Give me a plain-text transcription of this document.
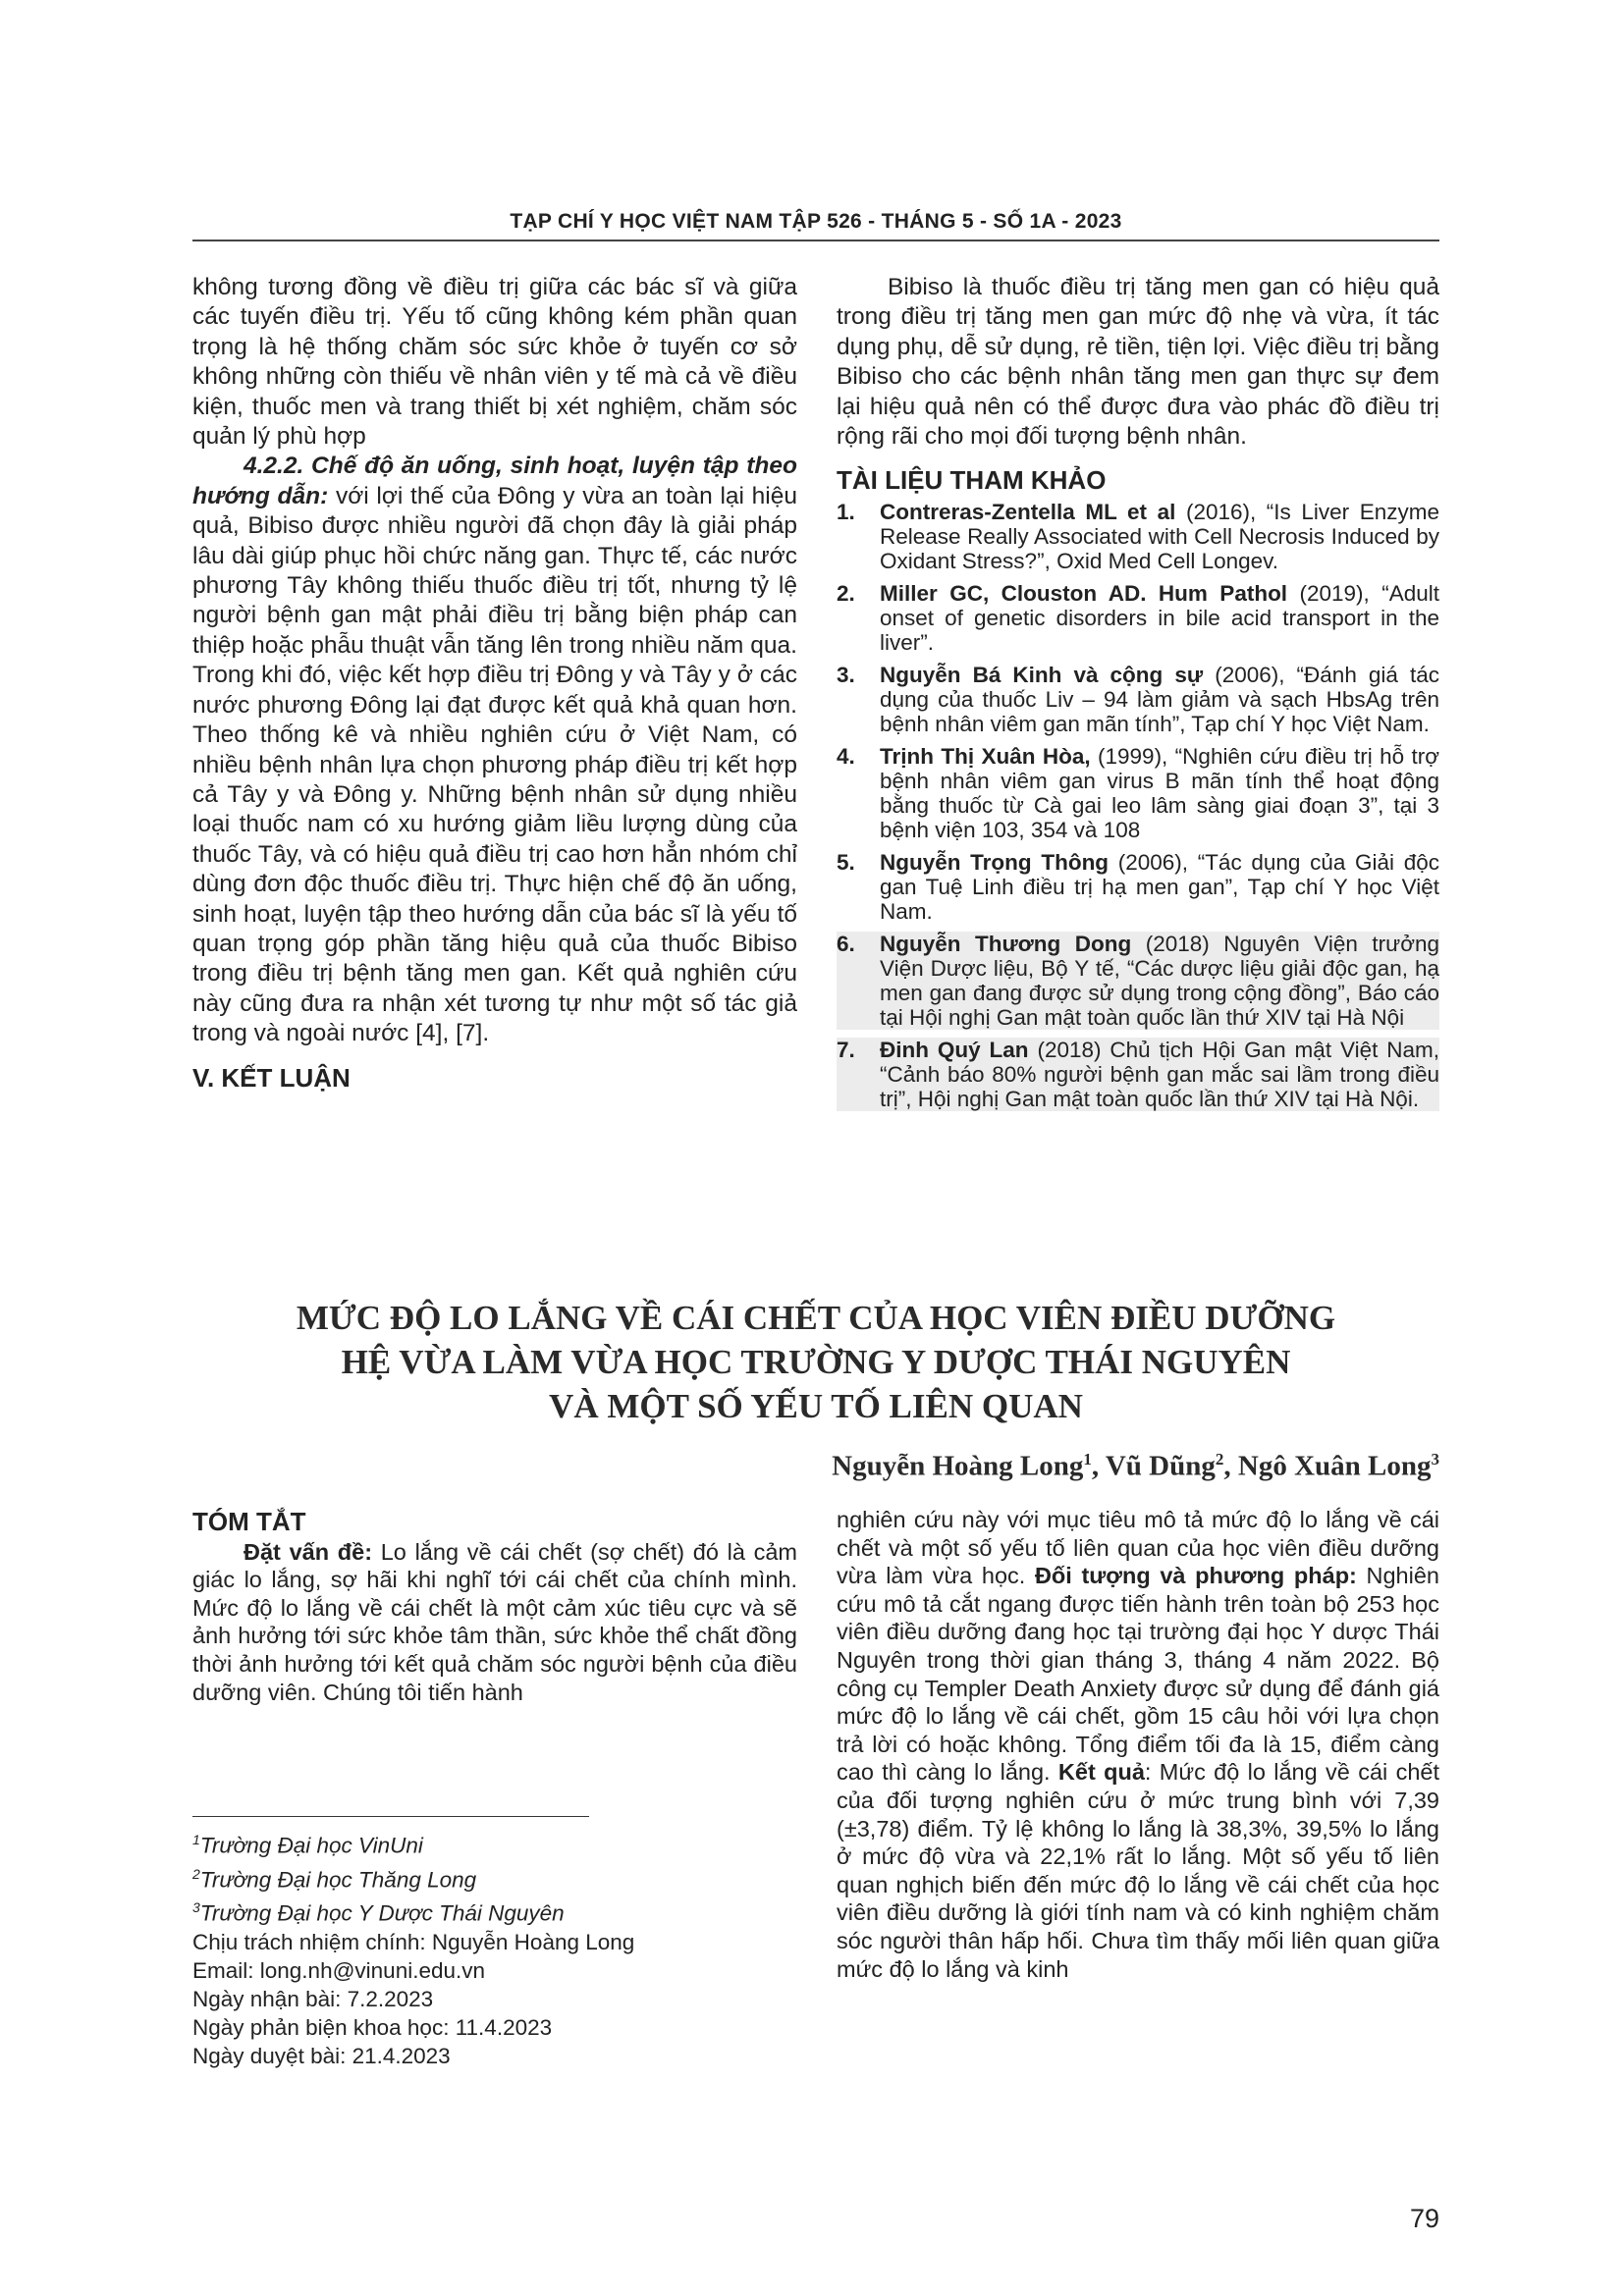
TẠP CHÍ Y HỌC VIỆT NAM TẬP 526 - THÁNG 5 - SỐ 1A - 2023

không tương đồng về điều trị giữa các bác sĩ và giữa các tuyến điều trị. Yếu tố cũng không kém phần quan trọng là hệ thống chăm sóc sức khỏe ở tuyến cơ sở không những còn thiếu về nhân viên y tế mà cả về điều kiện, thuốc men và trang thiết bị xét nghiệm, chăm sóc quản lý phù hợp

4.2.2. Chế độ ăn uống, sinh hoạt, luyện tập theo hướng dẫn: với lợi thế của Đông y vừa an toàn lại hiệu quả, Bibiso được nhiều người đã chọn đây là giải pháp lâu dài giúp phục hồi chức năng gan. Thực tế, các nước phương Tây không thiếu thuốc điều trị tốt, nhưng tỷ lệ người bệnh gan mật phải điều trị bằng biện pháp can thiệp hoặc phẫu thuật vẫn tăng lên trong nhiều năm qua. Trong khi đó, việc kết hợp điều trị Đông y và Tây y ở các nước phương Đông lại đạt được kết quả khả quan hơn. Theo thống kê và nhiều nghiên cứu ở Việt Nam, có nhiều bệnh nhân lựa chọn phương pháp điều trị kết hợp cả Tây y và Đông y. Những bệnh nhân sử dụng nhiều loại thuốc nam có xu hướng giảm liều lượng dùng của thuốc Tây, và có hiệu quả điều trị cao hơn hẳn nhóm chỉ dùng đơn độc thuốc điều trị. Thực hiện chế độ ăn uống, sinh hoạt, luyện tập theo hướng dẫn của bác sĩ là yếu tố quan trọng góp phần tăng hiệu quả của thuốc Bibiso trong điều trị bệnh tăng men gan. Kết quả nghiên cứu này cũng đưa ra nhận xét tương tự như một số tác giả trong và ngoài nước [4], [7].

V. KẾT LUẬN

Bibiso là thuốc điều trị tăng men gan có hiệu quả trong điều trị tăng men gan mức độ nhẹ và vừa, ít tác dụng phụ, dễ sử dụng, rẻ tiền, tiện lợi. Việc điều trị bằng Bibiso cho các bệnh nhân tăng men gan thực sự đem lại hiệu quả nên có thể được đưa vào phác đồ điều trị rộng rãi cho mọi đối tượng bệnh nhân.

TÀI LIỆU THAM KHẢO

1. Contreras-Zentella ML et al (2016), “Is Liver Enzyme Release Really Associated with Cell Necrosis Induced by Oxidant Stress?”, Oxid Med Cell Longev.
2. Miller GC, Clouston AD. Hum Pathol (2019), “Adult onset of genetic disorders in bile acid transport in the liver”.
3. Nguyễn Bá Kinh và cộng sự (2006), “Đánh giá tác dụng của thuốc Liv – 94 làm giảm và sạch HbsAg trên bệnh nhân viêm gan mãn tính”, Tạp chí Y học Việt Nam.
4. Trịnh Thị Xuân Hòa, (1999), “Nghiên cứu điều trị hỗ trợ bệnh nhân viêm gan virus B mãn tính thể hoạt động bằng thuốc từ Cà gai leo lâm sàng giai đoạn 3”, tại 3 bệnh viện 103, 354 và 108
5. Nguyễn Trọng Thông (2006), “Tác dụng của Giải độc gan Tuệ Linh điều trị hạ men gan”, Tạp chí Y học Việt Nam.
6. Nguyễn Thương Dong (2018) Nguyên Viện trưởng Viện Dược liệu, Bộ Y tế, “Các dược liệu giải độc gan, hạ men gan đang được sử dụng trong cộng đồng”, Báo cáo tại Hội nghị Gan mật toàn quốc lần thứ XIV tại Hà Nội
7. Đinh Quý Lan (2018) Chủ tịch Hội Gan mật Việt Nam, “Cảnh báo 80% người bệnh gan mắc sai lầm trong điều trị”, Hội nghị Gan mật toàn quốc lần thứ XIV tại Hà Nội.
MỨC ĐỘ LO LẮNG VỀ CÁI CHẾT CỦA HỌC VIÊN ĐIỀU DƯỠNG
HỆ VỪA LÀM VỪA HỌC TRƯỜNG Y DƯỢC THÁI NGUYÊN
VÀ MỘT SỐ YẾU TỐ LIÊN QUAN
Nguyễn Hoàng Long$^1$, Vũ Dũng$^2$, Ngô Xuân Long$^3$

TÓM TẮT

Đặt vấn đề: Lo lắng về cái chết (sợ chết) đó là cảm giác lo lắng, sợ hãi khi nghĩ tới cái chết của chính mình. Mức độ lo lắng về cái chết là một cảm xúc tiêu cực và sẽ ảnh hưởng tới sức khỏe tâm thần, sức khỏe thể chất đồng thời ảnh hưởng tới kết quả chăm sóc người bệnh của điều dưỡng viên. Chúng tôi tiến hành

nghiên cứu này với mục tiêu mô tả mức độ lo lắng về cái chết và một số yếu tố liên quan của học viên điều dưỡng vừa làm vừa học. Đối tượng và phương pháp: Nghiên cứu mô tả cắt ngang được tiến hành trên toàn bộ 253 học viên điều dưỡng đang học tại trường đại học Y dược Thái Nguyên trong thời gian tháng 3, tháng 4 năm 2022. Bộ công cụ Templer Death Anxiety được sử dụng để đánh giá mức độ lo lắng về cái chết, gồm 15 câu hỏi với lựa chọn trả lời có hoặc không. Tổng điểm tối đa là 15, điểm càng cao thì càng lo lắng. Kết quả: Mức độ lo lắng về cái chết của đối tượng nghiên cứu ở mức trung bình với 7,39 (±3,78) điểm. Tỷ lệ không lo lắng là 38,3%, 39,5% lo lắng ở mức độ vừa và 22,1% rất lo lắng. Một số yếu tố liên quan nghịch biến đến mức độ lo lắng về cái chết của học viên điều dưỡng là giới tính nam và có kinh nghiệm chăm sóc người thân hấp hối. Chưa tìm thấy mối liên quan giữa mức độ lo lắng và kinh

$^1$Trường Đại học VinUni
$^2$Trường Đại học Thăng Long
$^3$Trường Đại học Y Dược Thái Nguyên
Chịu trách nhiệm chính: Nguyễn Hoàng Long
Email: long.nh@vinuni.edu.vn
Ngày nhận bài: 7.2.2023
Ngày phản biện khoa học: 11.4.2023
Ngày duyệt bài: 21.4.2023
79
